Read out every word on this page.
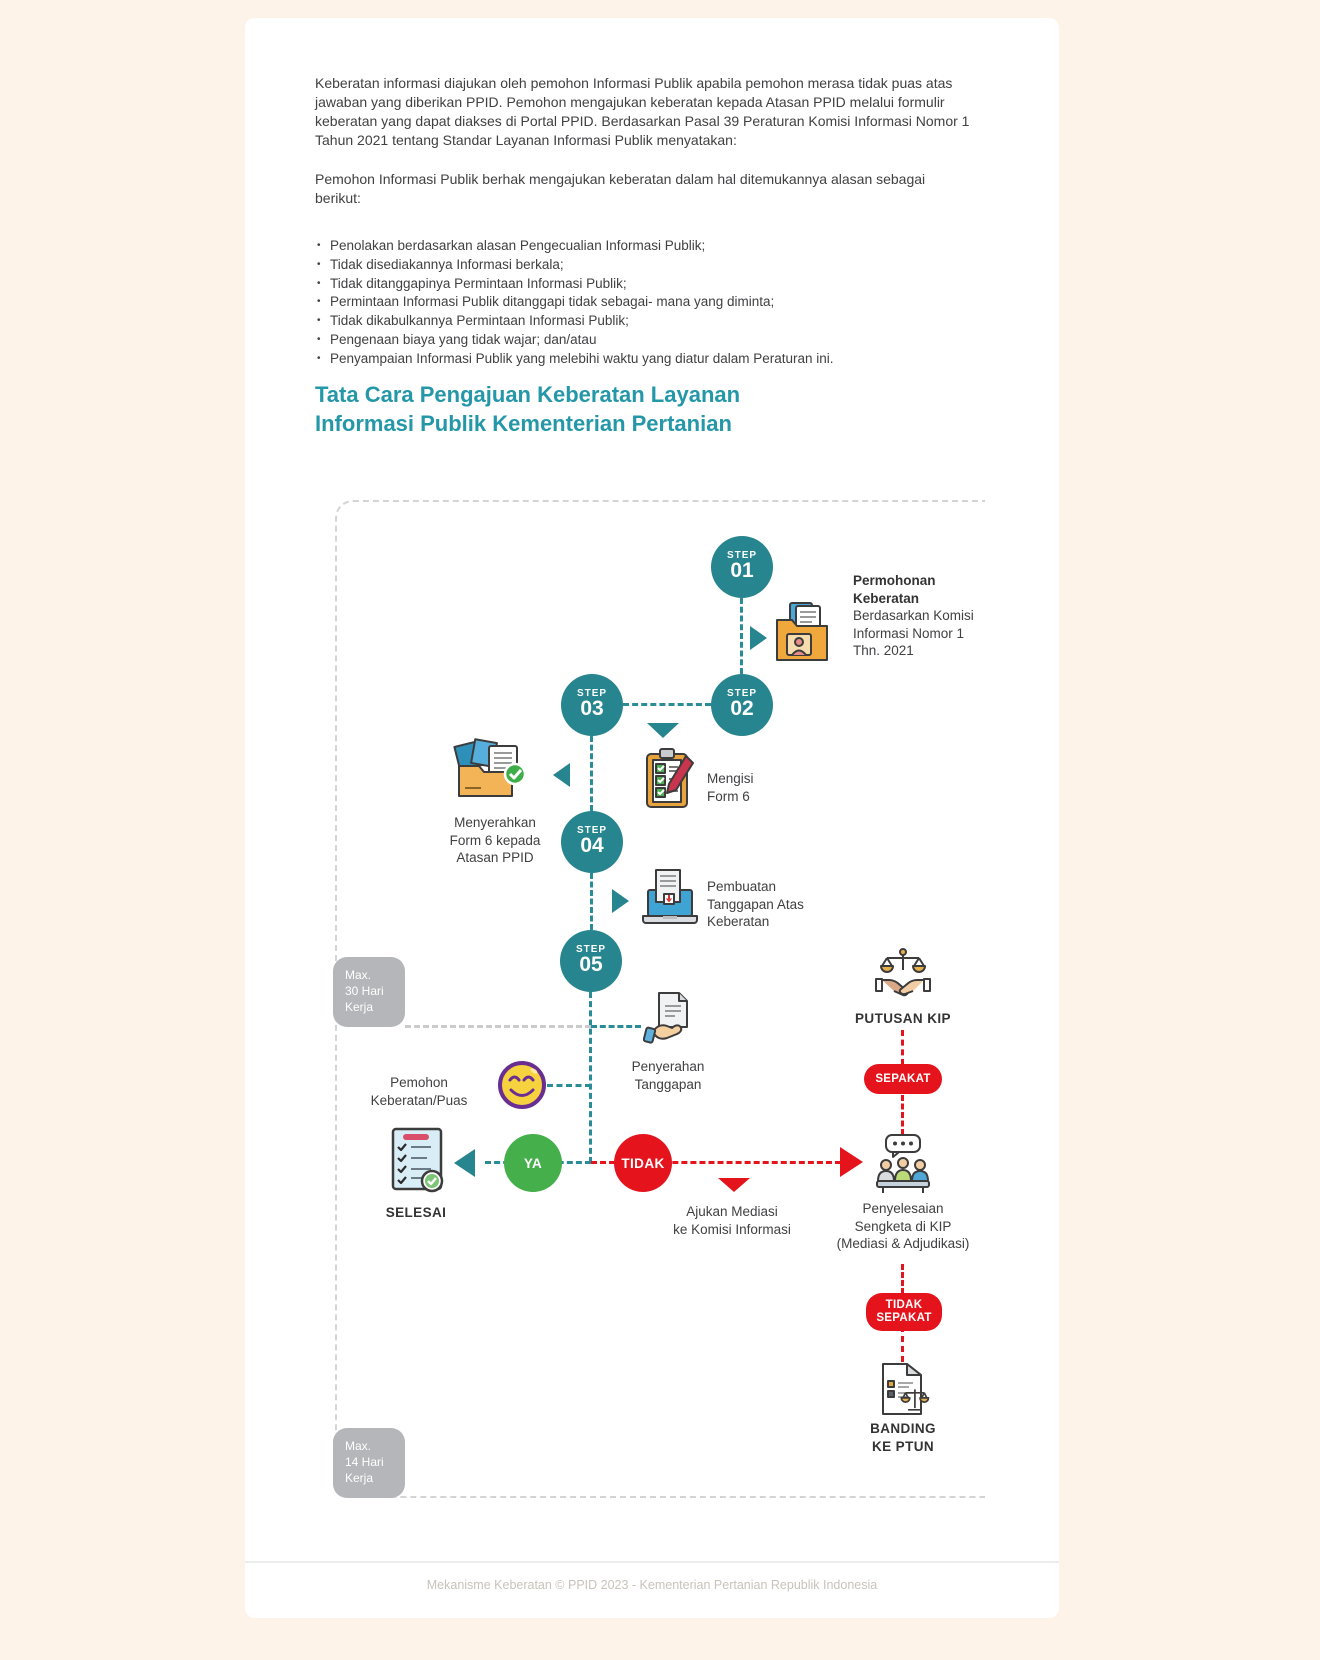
Keberatan informasi diajukan oleh pemohon Informasi Publik apabila pemohon merasa tidak puas atas jawaban yang diberikan PPID. Pemohon mengajukan keberatan kepada Atasan PPID melalui formulir keberatan yang dapat diakses di Portal PPID. Berdasarkan Pasal 39 Peraturan Komisi Informasi Nomor 1 Tahun 2021 tentang Standar Layanan Informasi Publik menyatakan:

Pemohon Informasi Publik berhak mengajukan keberatan dalam hal ditemukannya alasan sebagai berikut:

• Penolakan berdasarkan alasan Pengecualian Informasi Publik;
• Tidak disediakannya Informasi berkala;
• Tidak ditanggapinya Permintaan Informasi Publik;
• Permintaan Informasi Publik ditanggapi tidak sebagai- mana yang diminta;
• Tidak dikabulkannya Permintaan Informasi Publik;
• Pengenaan biaya yang tidak wajar; dan/atau
• Penyampaian Informasi Publik yang melebihi waktu yang diatur dalam Peraturan ini.
Tata Cara Pengajuan Keberatan Layanan
Informasi Publik Kementerian Pertanian
Max.
30 Hari
Kerja
Max.
14 Hari
Kerja
STEP
01
STEP
02
STEP
03
STEP
04
STEP
05
Permohonan
Keberatan
Berdasarkan Komisi
Informasi Nomor 1
Thn. 2021
Mengisi
Form 6
Menyerahkan
Form 6 kepada
Atasan PPID
Pembuatan
Tanggapan Atas
Keberatan
Penyerahan
Tanggapan
Pemohon
Keberatan/Puas
SELESAI
YA	TIDAK
Ajukan Mediasi
ke Komisi Informasi
PUTUSAN KIP
SEPAKAT
Penyelesaian
Sengketa di KIP
(Mediasi & Adjudikasi)
TIDAK
SEPAKAT
BANDING
KE PTUN
Mekanisme Keberatan © PPID 2023 - Kementerian Pertanian Republik Indonesia
